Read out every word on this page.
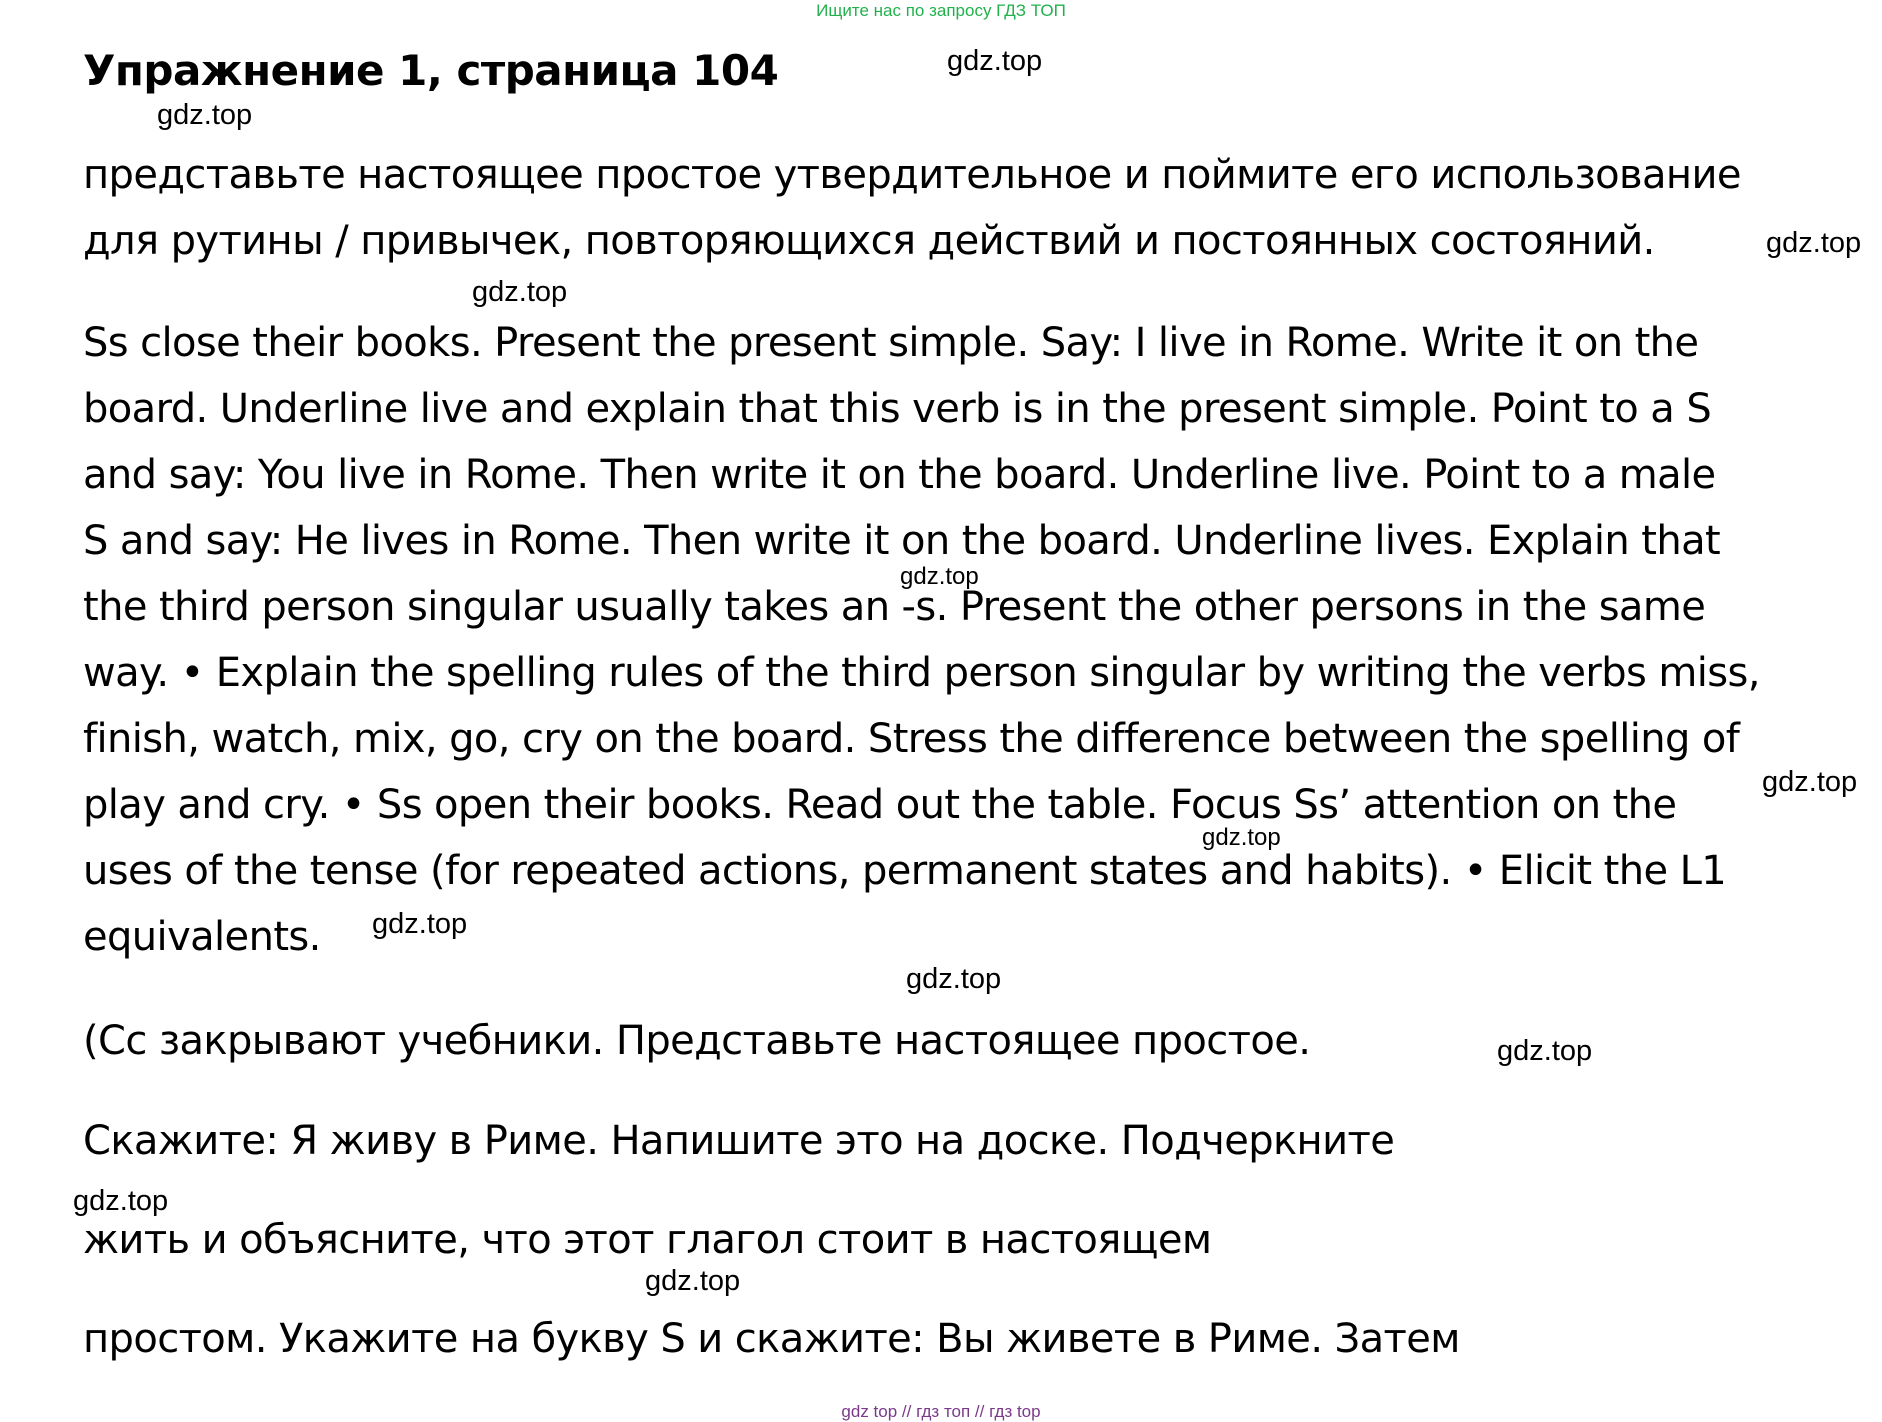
Ищите нас по запросу ГДЗ ТОП
Упражнение 1, страница 104

представьте настоящее простое утвердительное и поймите его использование
для рутины / привычек, повторяющихся действий и постоянных состояний.

Ss close their books. Present the present simple. Say: I live in Rome. Write it on the
board. Underline live and explain that this verb is in the present simple. Point to a S
and say: You live in Rome. Then write it on the board. Underline live. Point to a male
S and say: He lives in Rome. Then write it on the board. Underline lives. Explain that
the third person singular usually takes an -s. Present the other persons in the same
way. • Explain the spelling rules of the third person singular by writing the verbs miss,
finish, watch, mix, go, cry on the board. Stress the difference between the spelling of
play and cry. • Ss open their books. Read out the table. Focus Ss’ attention on the
uses of the tense (for repeated actions, permanent states and habits). • Elicit the L1
equivalents.

(Сс закрывают учебники. Представьте настоящее простое.

Скажите: Я живу в Риме. Напишите это на доске. Подчеркните

жить и объясните, что этот глагол стоит в настоящем

простом. Укажите на букву S и скажите: Вы живете в Риме. Затем

gdz.top
gdz.top
gdz.top
gdz.top
gdz.top
gdz.top
gdz.top
gdz.top
gdz.top
gdz.top
gdz.top
gdz.top
gdz top // гдз топ // гдз top
